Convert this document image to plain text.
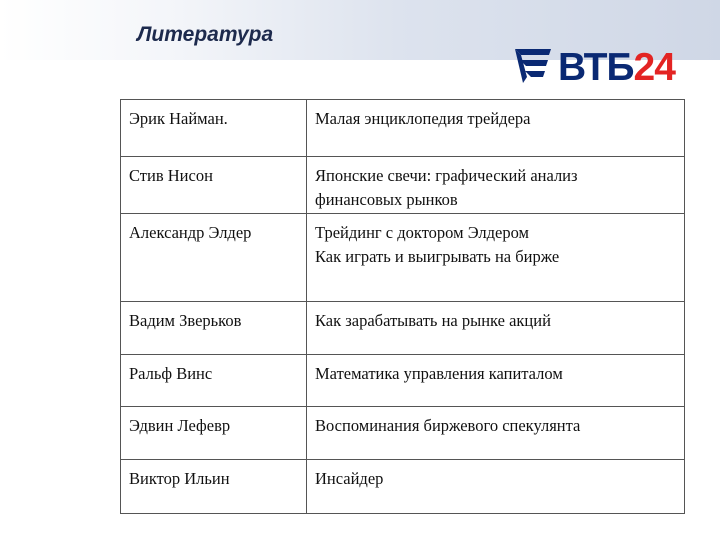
Литература
ВТБ24
Эрик Найман.	Малая энциклопедия трейдера

Стив Нисон	Японские свечи: графический анализ
финансовых рынков

Александр Элдер	Трейдинг с доктором Элдером
Как играть и выигрывать на бирже

Вадим Зверьков	Как зарабатывать на рынке акций

Ральф Винс	Математика управления капиталом

Эдвин Лефевр	Воспоминания биржевого спекулянта

Виктор Ильин	Инсайдер
